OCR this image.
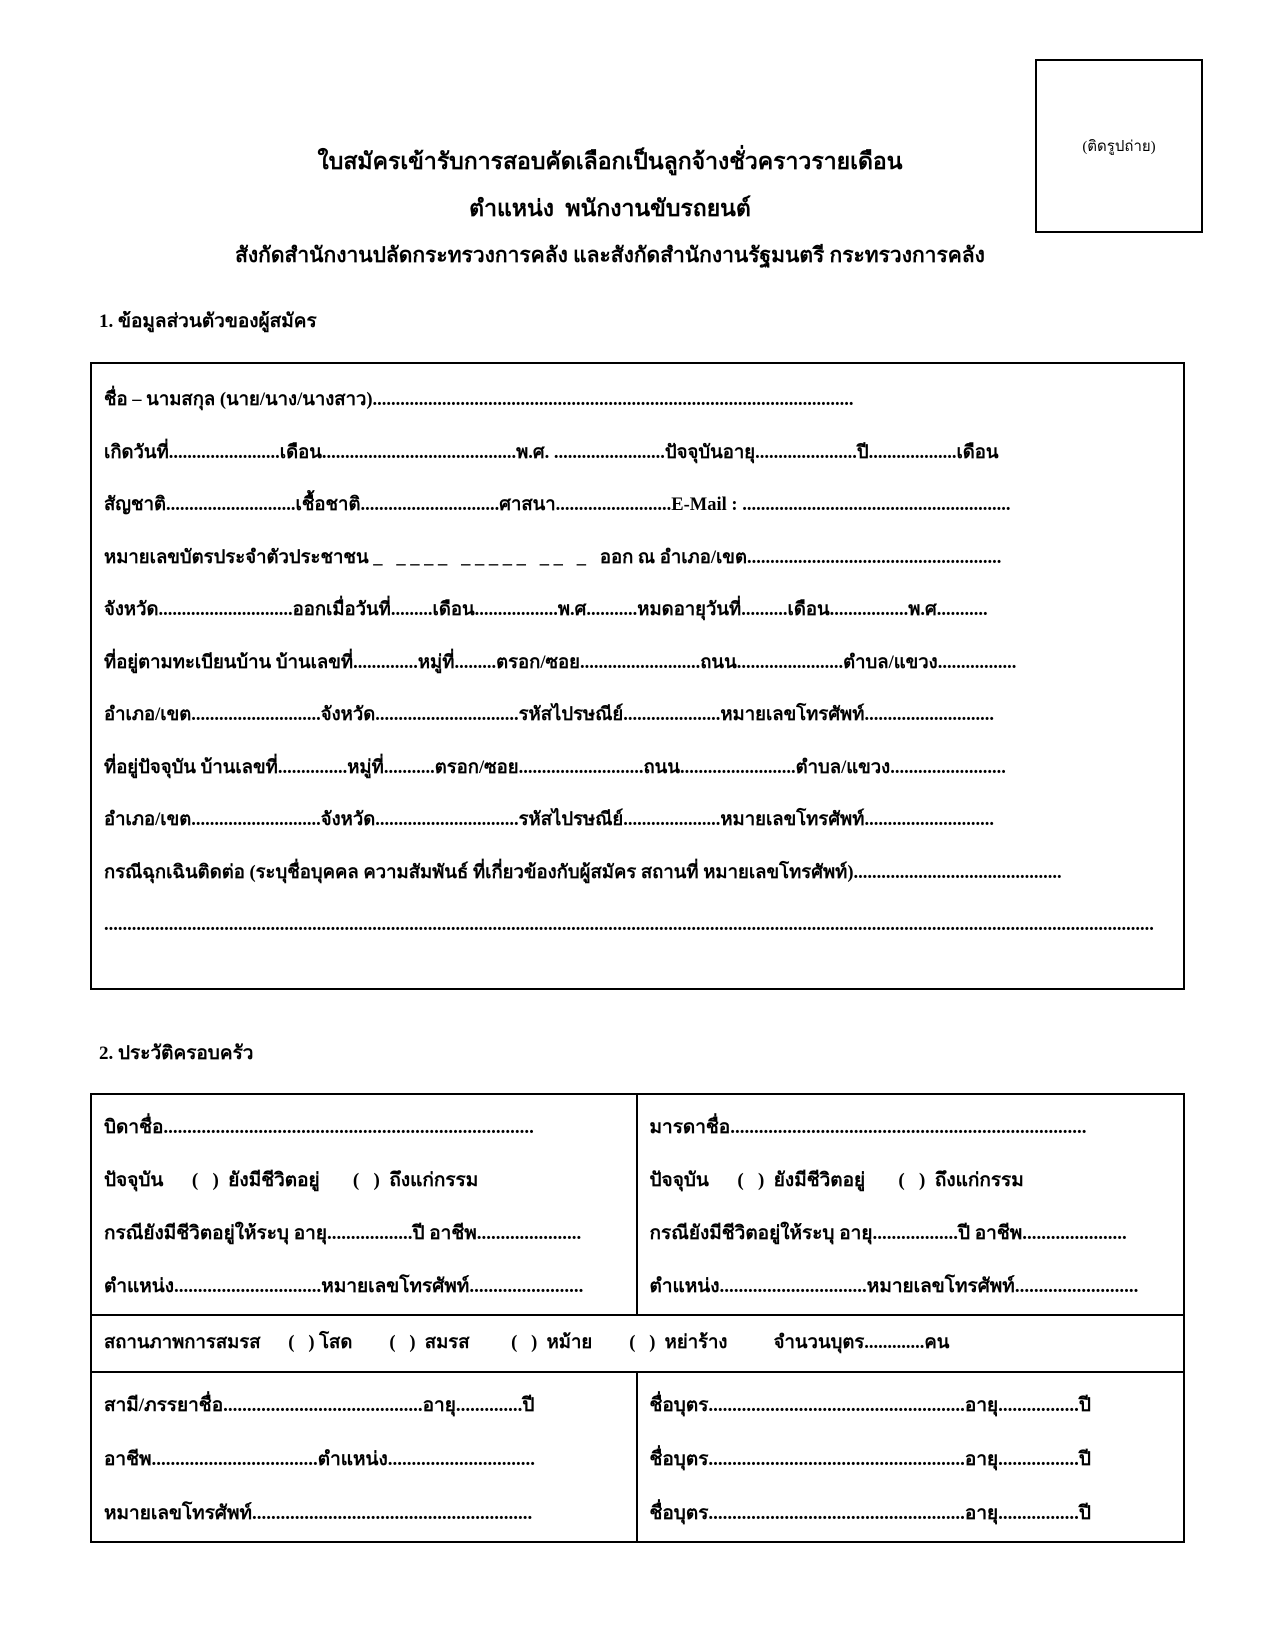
(ติดรูปถ่าย)
ใบสมัครเข้ารับการสอบคัดเลือกเป็นลูกจ้างชั่วคราวรายเดือน
ตำแหน่ง  พนักงานขับรถยนต์
สังกัดสำนักงานปลัดกระทรวงการคลัง และสังกัดสำนักงานรัฐมนตรี กระทรวงการคลัง
1. ข้อมูลส่วนตัวของผู้สมัคร
ชื่อ – นามสกุล (นาย/นาง/นางสาว)........................................................................................................
เกิดวันที่........................เดือน..........................................พ.ศ. ........................ปัจจุบันอายุ......................ปี...................เดือน
สัญชาติ............................เชื้อชาติ..............................ศาสนา.........................E-Mail : ..........................................................
หมายเลขบัตรประจำตัวประชาชน _   _ _ _ _   _ _ _ _ _   _ _   _   ออก ณ อำเภอ/เขต.......................................................
จังหวัด.............................ออกเมื่อวันที่.........เดือน..................พ.ศ...........หมดอายุวันที่..........เดือน.................พ.ศ...........
ที่อยู่ตามทะเบียนบ้าน บ้านเลขที่..............หมู่ที่.........ตรอก/ซอย..........................ถนน.......................ตำบล/แขวง.................
อำเภอ/เขต............................จังหวัด...............................รหัสไปรษณีย์.....................หมายเลขโทรศัพท์............................
ที่อยู่ปัจจุบัน บ้านเลขที่...............หมู่ที่...........ตรอก/ซอย...........................ถนน.........................ตำบล/แขวง.........................
อำเภอ/เขต............................จังหวัด...............................รหัสไปรษณีย์.....................หมายเลขโทรศัพท์............................
กรณีฉุกเฉินติดต่อ (ระบุชื่อบุคคล ความสัมพันธ์ ที่เกี่ยวข้องกับผู้สมัคร สถานที่ หมายเลขโทรศัพท์).............................................
...................................................................................................................................................................................................................................
2. ประวัติครอบครัว
บิดาชื่อ..............................................................................
ปัจจุบัน      (   )  ยังมีชีวิตอยู่       (   )  ถึงแก่กรรม
กรณียังมีชีวิตอยู่ให้ระบุ อายุ..................ปี อาชีพ......................
ตำแหน่ง...............................หมายเลขโทรศัพท์........................
มารดาชื่อ...........................................................................
ปัจจุบัน      (   )  ยังมีชีวิตอยู่       (   )  ถึงแก่กรรม
กรณียังมีชีวิตอยู่ให้ระบุ อายุ..................ปี อาชีพ......................
ตำแหน่ง...............................หมายเลขโทรศัพท์..........................
สถานภาพการสมรส      (   ) โสด        (   )  สมรส         (   )  หม้าย        (   )  หย่าร้าง          จำนวนบุตร.............คน
สามี/ภรรยาชื่อ..........................................อายุ..............ปี
อาชีพ...................................ตำแหน่ง...............................
หมายเลขโทรศัพท์...........................................................
ชื่อบุตร......................................................อายุ.................ปี
ชื่อบุตร......................................................อายุ.................ปี
ชื่อบุตร......................................................อายุ.................ปี
